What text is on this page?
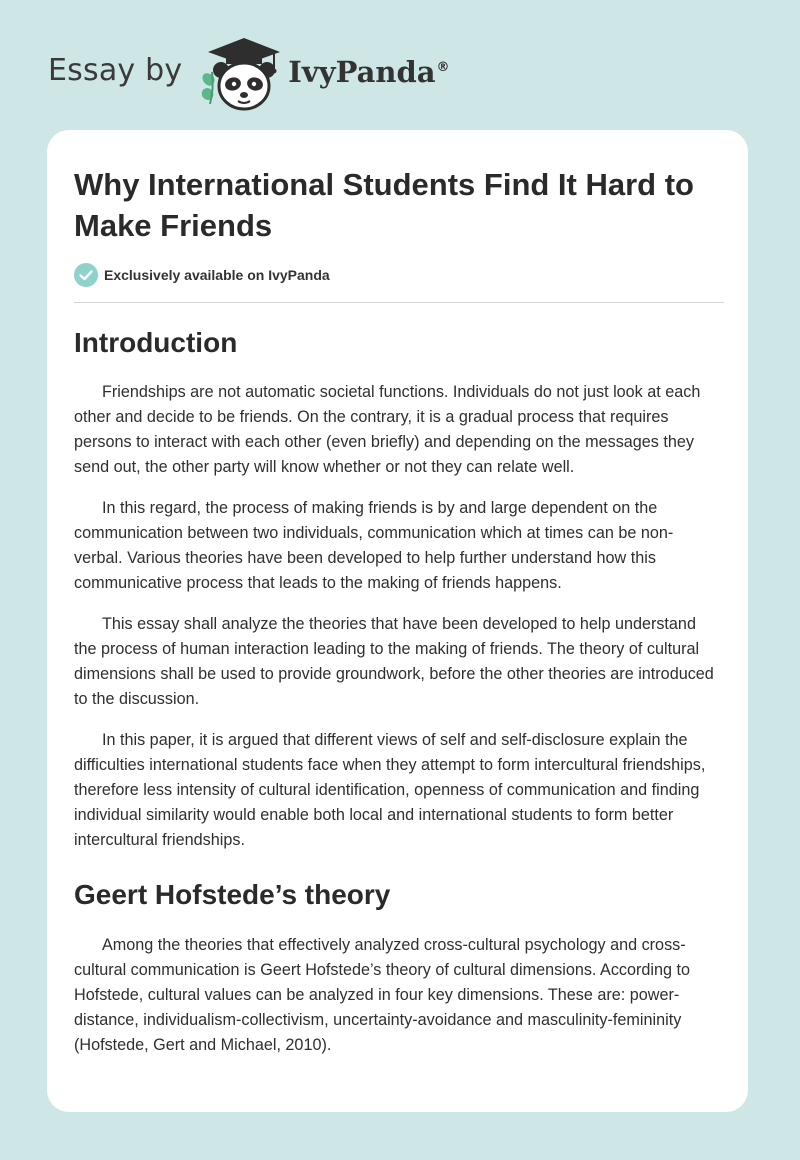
Essay by	IvyPanda®
Why International Students Find It Hard to Make Friends
Exclusively available on IvyPanda
Introduction

Friendships are not automatic societal functions. Individuals do not just look at each other and decide to be friends. On the contrary, it is a gradual process that requires persons to interact with each other (even briefly) and depending on the messages they send out, the other party will know whether or not they can relate well.

In this regard, the process of making friends is by and large dependent on the communication between two individuals, communication which at times can be non-verbal. Various theories have been developed to help further understand how this communicative process that leads to the making of friends happens.

This essay shall analyze the theories that have been developed to help understand the process of human interaction leading to the making of friends. The theory of cultural dimensions shall be used to provide groundwork, before the other theories are introduced to the discussion.

In this paper, it is argued that different views of self and self-disclosure explain the difficulties international students face when they attempt to form intercultural friendships, therefore less intensity of cultural identification, openness of communication and finding individual similarity would enable both local and international students to form better intercultural friendships.

Geert Hofstede’s theory

Among the theories that effectively analyzed cross-cultural psychology and cross-cultural communication is Geert Hofstede’s theory of cultural dimensions. According to Hofstede, cultural values can be analyzed in four key dimensions. These are: power-distance, individualism-collectivism, uncertainty-avoidance and masculinity-femininity (Hofstede, Gert and Michael, 2010).
